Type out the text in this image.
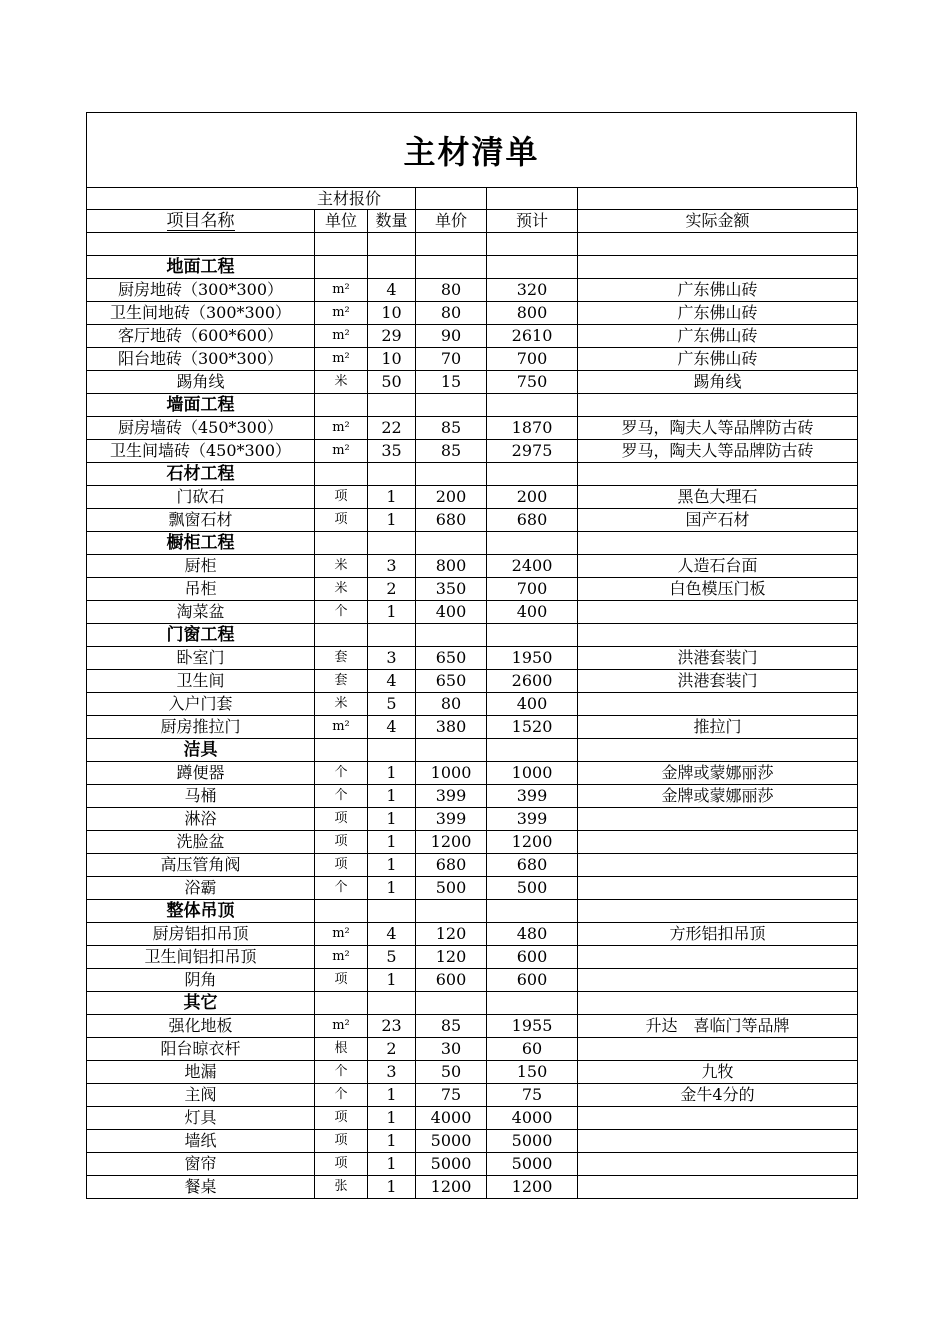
主材清单
主材报价					
项目名称	单位	数量	单价	预计	实际金额

地面工程					
厨房地砖（300*300）	m²	4	80	320	广东佛山砖
卫生间地砖（300*300）	m²	10	80	800	广东佛山砖
客厅地砖（600*600）	m²	29	90	2610	广东佛山砖
阳台地砖（300*300）	m²	10	70	700	广东佛山砖
踢角线	米	50	15	750	踢角线
墙面工程					
厨房墙砖（450*300）	m²	22	85	1870	罗马，陶夫人等品牌防古砖
卫生间墙砖（450*300）	m²	35	85	2975	罗马，陶夫人等品牌防古砖
石材工程					
门砍石	项	1	200	200	黑色大理石
飘窗石材	项	1	680	680	国产石材
橱柜工程					
厨柜	米	3	800	2400	人造石台面
吊柜	米	2	350	700	白色模压门板
淘菜盆	个	1	400	400	
门窗工程					
卧室门	套	3	650	1950	洪港套装门
卫生间	套	4	650	2600	洪港套装门
入户门套	米	5	80	400	
厨房推拉门	m²	4	380	1520	推拉门
洁具					
蹲便器	个	1	1000	1000	金牌或蒙娜丽莎
马桶	个	1	399	399	金牌或蒙娜丽莎
淋浴	项	1	399	399	
洗脸盆	项	1	1200	1200	
高压管角阀	项	1	680	680	
浴霸	个	1	500	500	
整体吊顶					
厨房铝扣吊顶	m²	4	120	480	方形铝扣吊顶
卫生间铝扣吊顶	m²	5	120	600	
阴角	项	1	600	600	
其它					
强化地板	m²	23	85	1955	升达　喜临门等品牌
阳台晾衣杆	根	2	30	60	
地漏	个	3	50	150	九牧
主阀	个	1	75	75	金牛4分的
灯具	项	1	4000	4000	
墙纸	项	1	5000	5000	
窗帘	项	1	5000	5000	
餐桌	张	1	1200	1200	
